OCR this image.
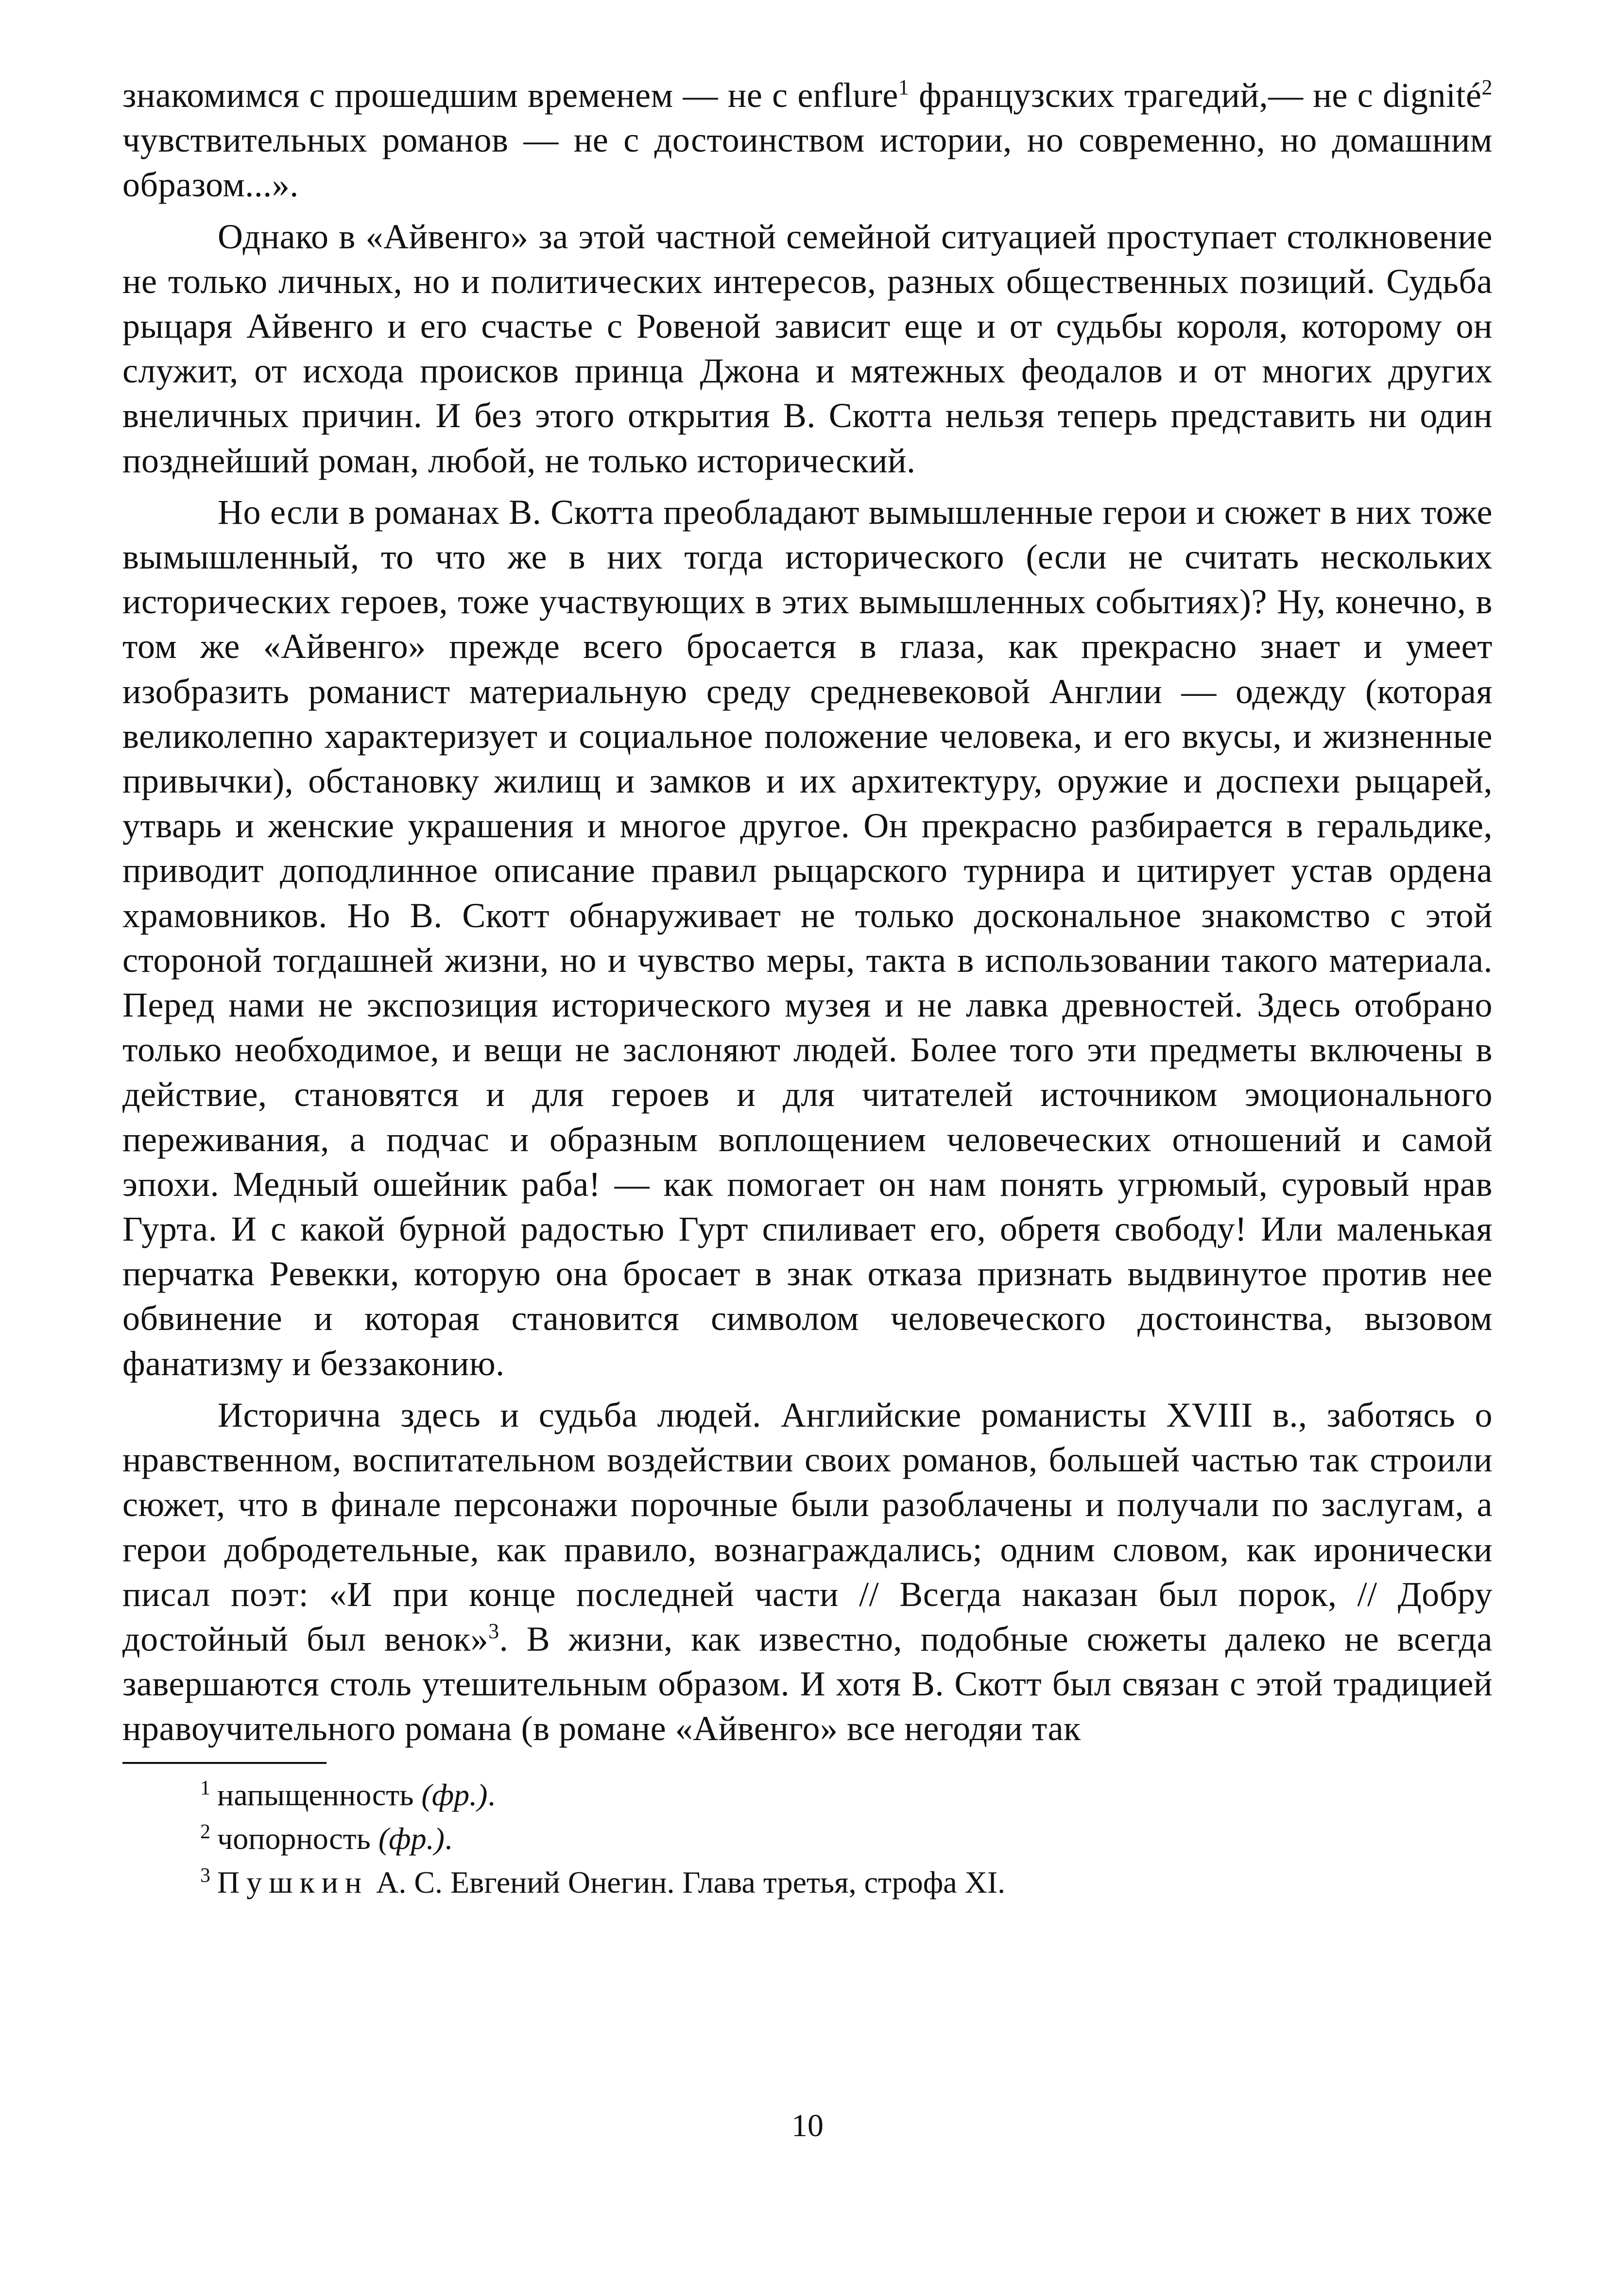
знакомимся с прошедшим временем — не с enflure$^1$ французских трагедий,— не с dignité$^2$ чувствительных романов — не с достоинством истории, но современно, но домашним образом...».

Однако в «Айвенго» за этой частной семейной ситуацией проступает столкновение не только личных, но и политических интересов, разных общественных позиций. Судьба рыцаря Айвенго и его счастье с Ровеной зависит еще и от судьбы короля, которому он служит, от исхода происков принца Джона и мятежных феодалов и от многих других внеличных причин. И без этого открытия В. Скотта нельзя теперь представить ни один позднейший роман, любой, не только исторический.

Но если в романах В. Скотта преобладают вымышленные герои и сюжет в них тоже вымышленный, то что же в них тогда исторического (если не считать нескольких исторических героев, тоже участвующих в этих вымышленных событиях)? Ну, конечно, в том же «Айвенго» прежде всего бросается в глаза, как прекрасно знает и умеет изобразить романист материальную среду средневековой Англии — одежду (которая великолепно характеризует и социальное положение человека, и его вкусы, и жизненные привычки), обстановку жилищ и замков и их архитектуру, оружие и доспехи рыцарей, утварь и женские украшения и многое другое. Он прекрасно разбирается в геральдике, приводит доподлинное описание правил рыцарского турнира и цитирует устав ордена храмовников. Но В. Скотт обнаруживает не только доскональное знакомство с этой стороной тогдашней жизни, но и чувство меры, такта в использовании такого материала. Перед нами не экспозиция исторического музея и не лавка древностей. Здесь отобрано только необходимое, и вещи не заслоняют людей. Более того эти предметы включены в действие, становятся и для героев и для читателей источником эмоционального переживания, а подчас и образным воплощением человеческих отношений и самой эпохи. Медный ошейник раба! — как помогает он нам понять угрюмый, суровый нрав Гурта. И с какой бурной радостью Гурт спиливает его, обретя свободу! Или маленькая перчатка Ревекки, которую она бросает в знак отказа признать выдвинутое против нее обвинение и которая становится символом человеческого достоинства, вызовом фанатизму и беззаконию.

Исторична здесь и судьба людей. Английские романисты XVIII в., заботясь о нравственном, воспитательном воздействии своих романов, большей частью так строили сюжет, что в финале персонажи порочные были разоблачены и получали по заслугам, а герои добродетельные, как правило, вознаграждались; одним словом, как иронически писал поэт: «И при конце последней части // Всегда наказан был порок, // Добру достойный был венок»$^3$. В жизни, как известно, подобные сюжеты далеко не всегда завершаются столь утешительным образом. И хотя В. Скотт был связан с этой традицией нравоучительного романа (в романе «Айвенго» все негодяи так

$^1$ напыщенность (фр.).
$^2$ чопорность (фр.).
$^3$ Пушкин А. С. Евгений Онегин. Глава третья, строфа XI.
10
